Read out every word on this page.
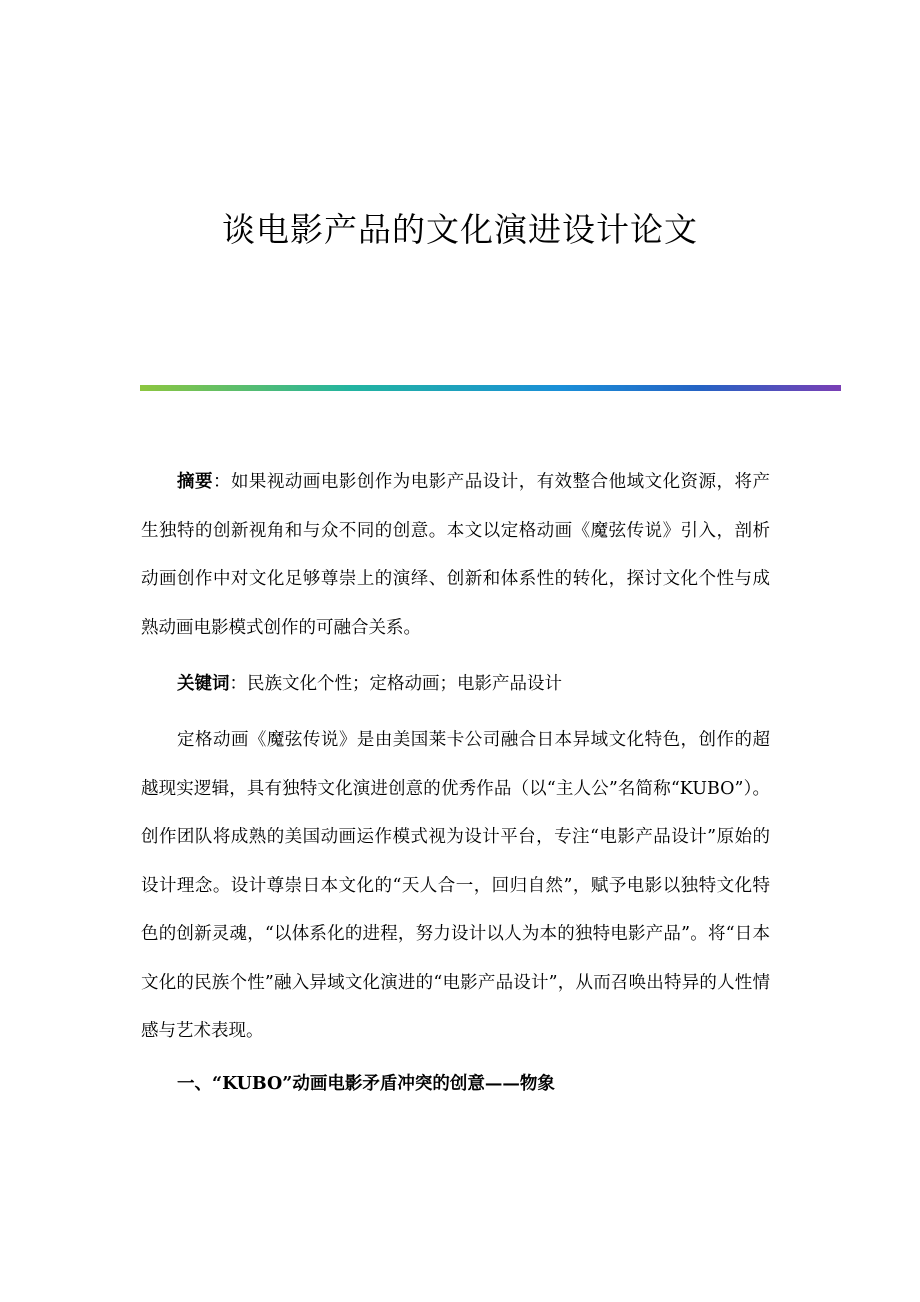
谈电影产品的文化演进设计论文

摘要：如果视动画电影创作为电影产品设计，有效整合他域文化资源，将产生独特的创新视角和与众不同的创意。本文以定格动画《魔弦传说》引入，剖析动画创作中对文化足够尊崇上的演绎、创新和体系性的转化，探讨文化个性与成熟动画电影模式创作的可融合关系。

关键词：民族文化个性；定格动画；电影产品设计

定格动画《魔弦传说》是由美国莱卡公司融合日本异域文化特色，创作的超越现实逻辑，具有独特文化演进创意的优秀作品（以“主人公”名简称“KUBO”）。创作团队将成熟的美国动画运作模式视为设计平台，专注“电影产品设计”原始的设计理念。设计尊崇日本文化的“天人合一，回归自然”，赋予电影以独特文化特色的创新灵魂，“以体系化的进程，努力设计以人为本的独特电影产品”。将“日本文化的民族个性”融入异域文化演进的“电影产品设计”，从而召唤出特异的人性情感与艺术表现。

一、“KUBO”动画电影矛盾冲突的创意——物象
